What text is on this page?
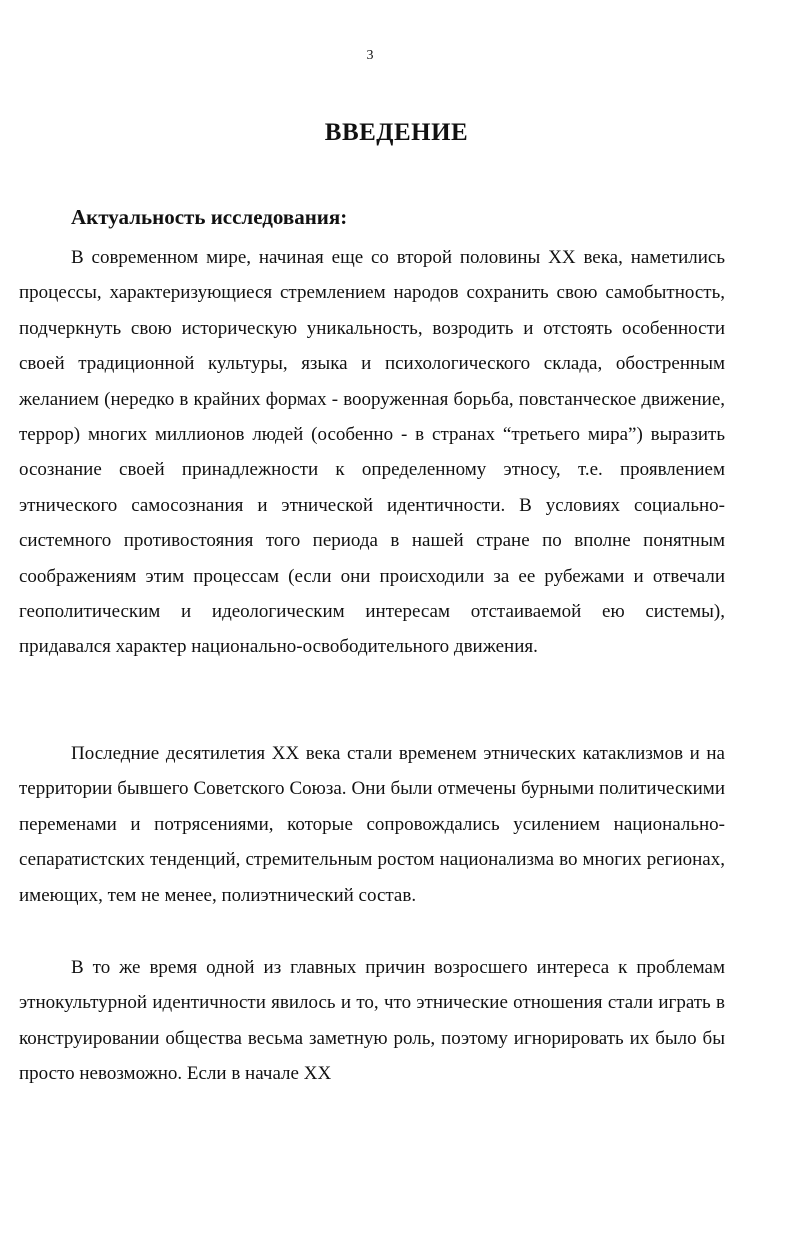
3
ВВЕДЕНИЕ
Актуальность исследования:

В современном мире, начиная еще со второй половины XX века, наметились процессы, характеризующиеся стремлением народов сохранить свою самобытность, подчеркнуть свою историческую уникальность, возродить и отстоять особенности своей традиционной культуры, языка и психологического склада, обостренным желанием (нередко в крайних формах - вооруженная борьба, повстанческое движение, террор) многих миллионов людей (особенно - в странах “третьего мира”) выразить осознание своей принадлежности к определенному этносу, т.е. проявлением этнического самосознания и этнической идентичности. В условиях социально-системного противостояния того периода в нашей стране по вполне понятным соображениям этим процессам (если они происходили за ее рубежами и отвечали геополитическим и идеологическим интересам отстаиваемой ею системы), придавался характер национально-освободительного движения.

Последние десятилетия XX века стали временем этнических катаклизмов и на территории бывшего Советского Союза. Они были отмечены бурными политическими переменами и потрясениями, которые сопровождались усилением национально-сепаратистских тенденций, стремительным ростом национализма во многих регионах, имеющих, тем не менее, полиэтнический состав.

В то же время одной из главных причин возросшего интереса к проблемам этнокультурной идентичности явилось и то, что этнические отношения стали играть в конструировании общества весьма заметную роль, поэтому игнорировать их было бы просто невозможно. Если в начале XX
